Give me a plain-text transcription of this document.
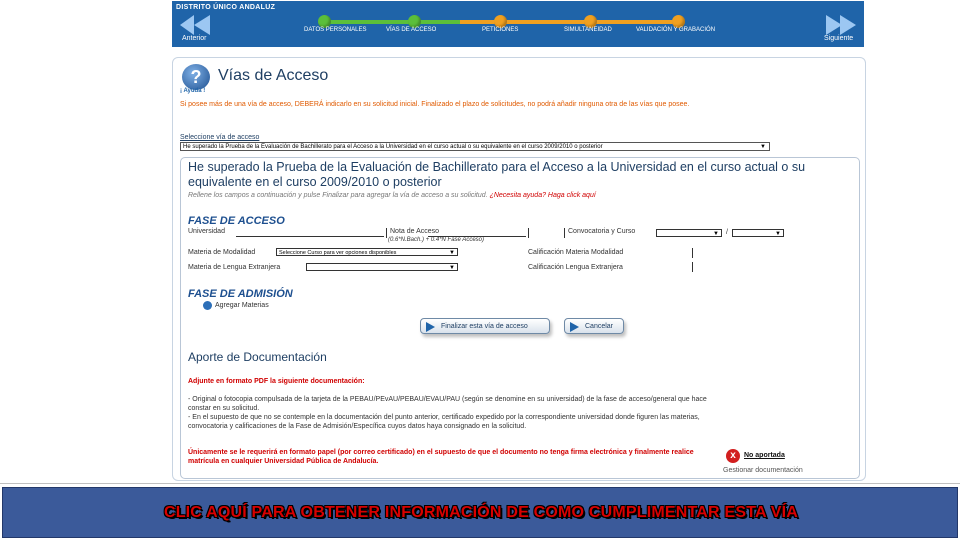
DISTRITO ÚNICO ANDALUZ
Anterior
DATOS PERSONALES	VÍAS DE ACCESO	PETICIONES	SIMULTANEIDAD	VALIDACIÓN Y GRABACIÓN
Siguiente
?
¡ Ayuda !
Vías de Acceso
Si posee más de una vía de acceso, DEBERÁ indicarlo en su solicitud inicial. Finalizado el plazo de solicitudes, no podrá añadir ninguna otra de las vías que posee.
Seleccione vía de acceso
He superado la Prueba de la Evaluación de Bachillerato para el Acceso a la Universidad en el curso actual o su equivalente en el curso 2009/2010 o posterior	▼
He superado la Prueba de la Evaluación de Bachillerato para el Acceso a la Universidad en el curso actual o su equivalente en el curso 2009/2010 o posterior
Rellene los campos a continuación y pulse Finalizar para agregar la vía de acceso a su solicitud. ¿Necesita ayuda? Haga click aquí
FASE DE ACCESO
Universidad	Nota de Acceso
(0.6*N.Bach.) + 0.4*N Fase Acceso)
Convocatoria y Curso	▼ /	▼
Materia de Modalidad	Seleccione Curso para ver opciones disponibles	▼	Calificación Materia Modalidad
Materia de Lengua Extranjera	▼	Calificación Lengua Extranjera
FASE DE ADMISIÓN
Agregar Materias
Finalizar esta vía de acceso	Cancelar
Aporte de Documentación
Adjunte en formato PDF la siguiente documentación:
- Original o fotocopia compulsada de la tarjeta de la PEBAU/PEvAU/PEBAU/EVAU/PAU (según se denomine en su universidad) de la fase de acceso/general que hace constar en su solicitud.
- En el supuesto de que no se contemple en la documentación del punto anterior, certificado expedido por la correspondiente universidad donde figuren las materias, convocatoria y calificaciones de la Fase de Admisión/Específica cuyos datos haya consignado en la solicitud.
Únicamente se le requerirá en formato papel (por correo certificado) en el supuesto de que el documento no tenga firma electrónica y finalmente realice matrícula en cualquier Universidad Pública de Andalucía.
x	No aportada
Gestionar documentación
CLIC AQUÍ PARA OBTENER INFORMACIÓN DE COMO CUMPLIMENTAR ESTA VÍA
